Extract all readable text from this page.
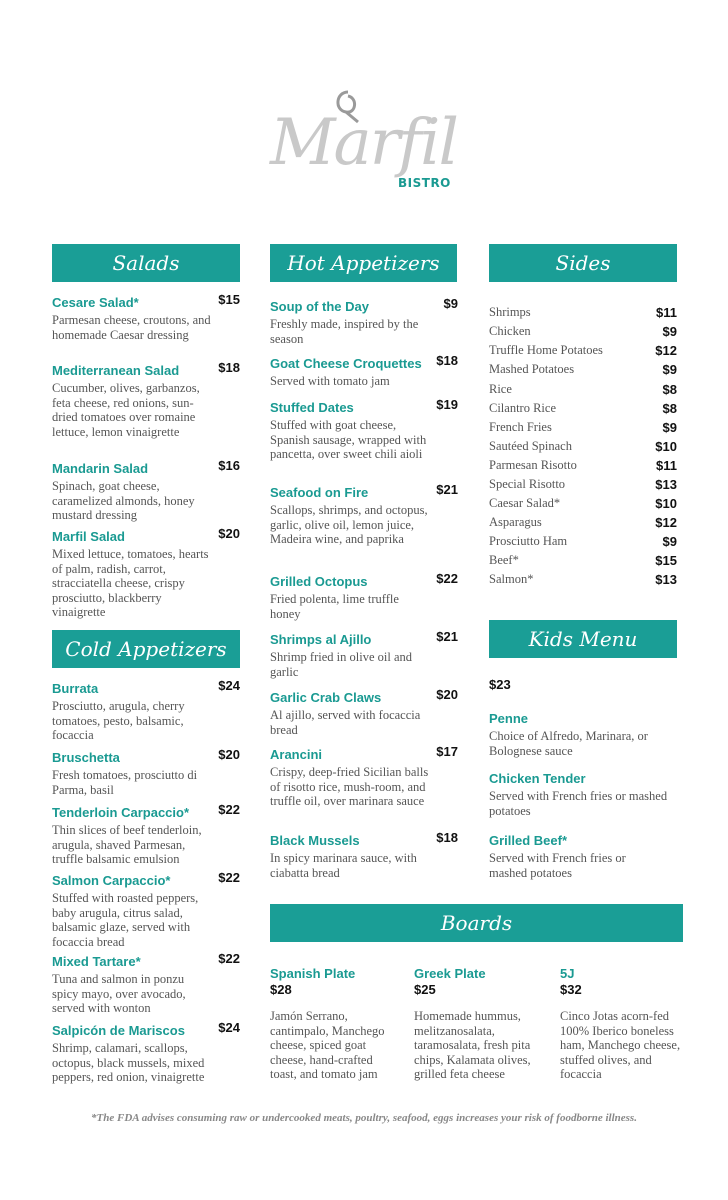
Marfil
BISTRO
Salads
Cesare Salad*	$15
Parmesan cheese, croutons, and homemade Caesar dressing
Mediterranean Salad	$18
Cucumber, olives, garbanzos, feta cheese, red onions, sun-dried tomatoes over romaine lettuce, lemon vinaigrette
Mandarin Salad	$16
Spinach, goat cheese, caramelized almonds, honey mustard dressing
Marfil Salad	$20
Mixed lettuce, tomatoes, hearts of palm, radish, carrot, stracciatella cheese, crispy prosciutto, blackberry vinaigrette
Cold Appetizers
Burrata	$24
Prosciutto, arugula, cherry tomatoes, pesto, balsamic, focaccia
Bruschetta	$20
Fresh tomatoes, prosciutto di Parma, basil
Tenderloin Carpaccio* $22
Thin slices of beef tenderloin, arugula, shaved Parmesan, truffle balsamic emulsion
Salmon Carpaccio*	$22
Stuffed with roasted peppers, baby arugula, citrus salad, balsamic glaze, served with focaccia bread
Mixed Tartare*	$22
Tuna and salmon in ponzu spicy mayo, over avocado, served with wonton
Salpicón de Mariscos	$24
Shrimp, calamari, scallops, octopus, black mussels, mixed peppers, red onion, vinaigrette
Hot Appetizers
Soup of the Day	$9
Freshly made, inspired by the season
Goat Cheese Croquettes $18
Served with tomato jam
Stuffed Dates	$19
Stuffed with goat cheese, Spanish sausage, wrapped with pancetta, over sweet chili aioli
Seafood on Fire	$21
Scallops, shrimps, and octopus, garlic, olive oil, lemon juice, Madeira wine, and paprika
Grilled Octopus	$22
Fried polenta, lime truffle honey
Shrimps al Ajillo	$21
Shrimp fried in olive oil and garlic
Garlic Crab Claws	$20
Al ajillo, served with focaccia bread
Arancini	$17
Crispy, deep-fried Sicilian balls of risotto rice, mush-room, and truffle oil, over marinara sauce
Black Mussels	$18
In spicy marinara sauce, with ciabatta bread
Sides
Shrimps	$11
Chicken	$9
Truffle Home Potatoes	$12
Mashed Potatoes	$9
Rice	$8
Cilantro Rice	$8
French Fries	$9
Sautéed Spinach	$10
Parmesan Risotto	$11
Special Risotto	$13
Caesar Salad*	$10
Asparagus	$12
Prosciutto Ham	$9
Beef*	$15
Salmon*	$13
Kids Menu
$23
Penne
Choice of Alfredo, Marinara, or Bolognese sauce
Chicken Tender
Served with French fries or mashed potatoes
Grilled Beef*
Served with French fries or mashed potatoes
Boards
Spanish Plate
$28
Jamón Serrano, cantimpalo, Manchego cheese, spiced goat cheese, hand-crafted toast, and tomato jam
Greek Plate
$25
Homemade hummus, melitzanosalata, taramosalata, fresh pita chips, Kalamata olives, grilled feta cheese
5J
$32
Cinco Jotas acorn-fed 100% Iberico boneless ham, Manchego cheese, stuffed olives, and focaccia
*The FDA advises consuming raw or undercooked meats, poultry, seafood, eggs increases your risk of foodborne illness.
